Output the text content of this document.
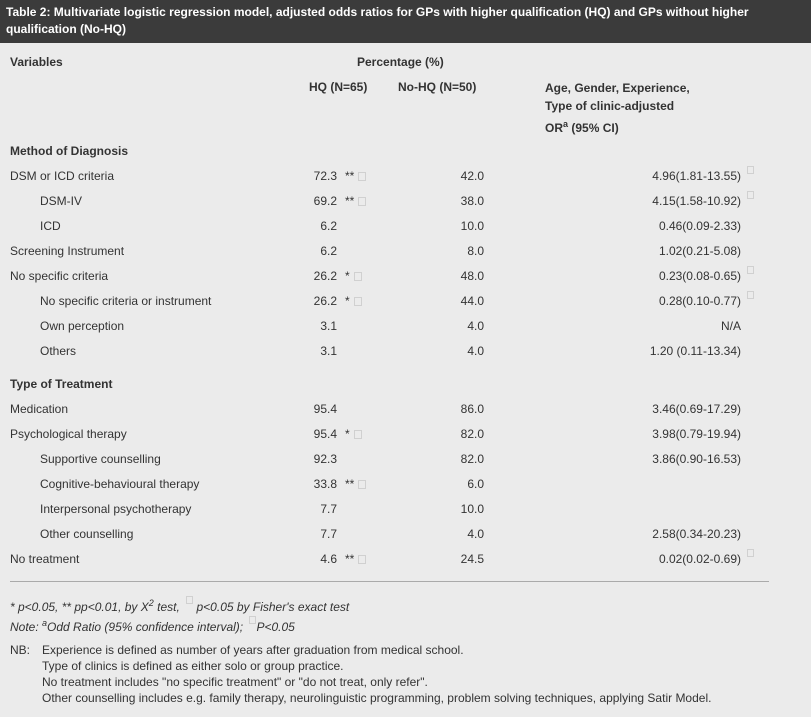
Table 2: Multivariate logistic regression model, adjusted odds ratios for GPs with higher qualification (HQ) and GPs without higher qualification (No-HQ)
Variables	Percentage (%)
HQ (N=65)	No-HQ (N=50)	Age, Gender, Experience,
Type of clinic-adjusted
$OR^a$ (95% CI)
Method of Diagnosis
Type of Treatment
DSM or ICD criteria	72.3 **	42.0	4.96(1.81-13.55)
DSM-IV	69.2 **	38.0	4.15(1.58-10.92)
ICD	6.2	10.0	0.46(0.09-2.33)
Screening Instrument	6.2	8.0	1.02(0.21-5.08)
No specific criteria	26.2 *	48.0	0.23(0.08-0.65)
No specific criteria or instrument	26.2 *	44.0	0.28(0.10-0.77)
Own perception	3.1	4.0	N/A
Others	3.1	4.0	1.20 (0.11-13.34)
Medication	95.4	86.0	3.46(0.69-17.29)
Psychological therapy	95.4 *	82.0	3.98(0.79-19.94)
Supportive counselling	92.3	82.0	3.86(0.90-16.53)
Cognitive-behavioural therapy	33.8 **	6.0
Interpersonal psychotherapy	7.7	10.0
Other counselling	7.7	4.0	2.58(0.34-20.23)
No treatment	4.6 **	24.5	0.02(0.02-0.69)
* p<0.05, ** pp<0.01, by $X^2$ test, p<0.05 by Fisher's exact test
Note: $^a$Odd Ratio (95% confidence interval); P<0.05
NB: Experience is defined as number of years after graduation from medical school.
Type of clinics is defined as either solo or group practice.
No treatment includes "no specific treatment" or "do not treat, only refer".
Other counselling includes e.g. family therapy, neurolinguistic programming, problem solving techniques, applying Satir Model.
